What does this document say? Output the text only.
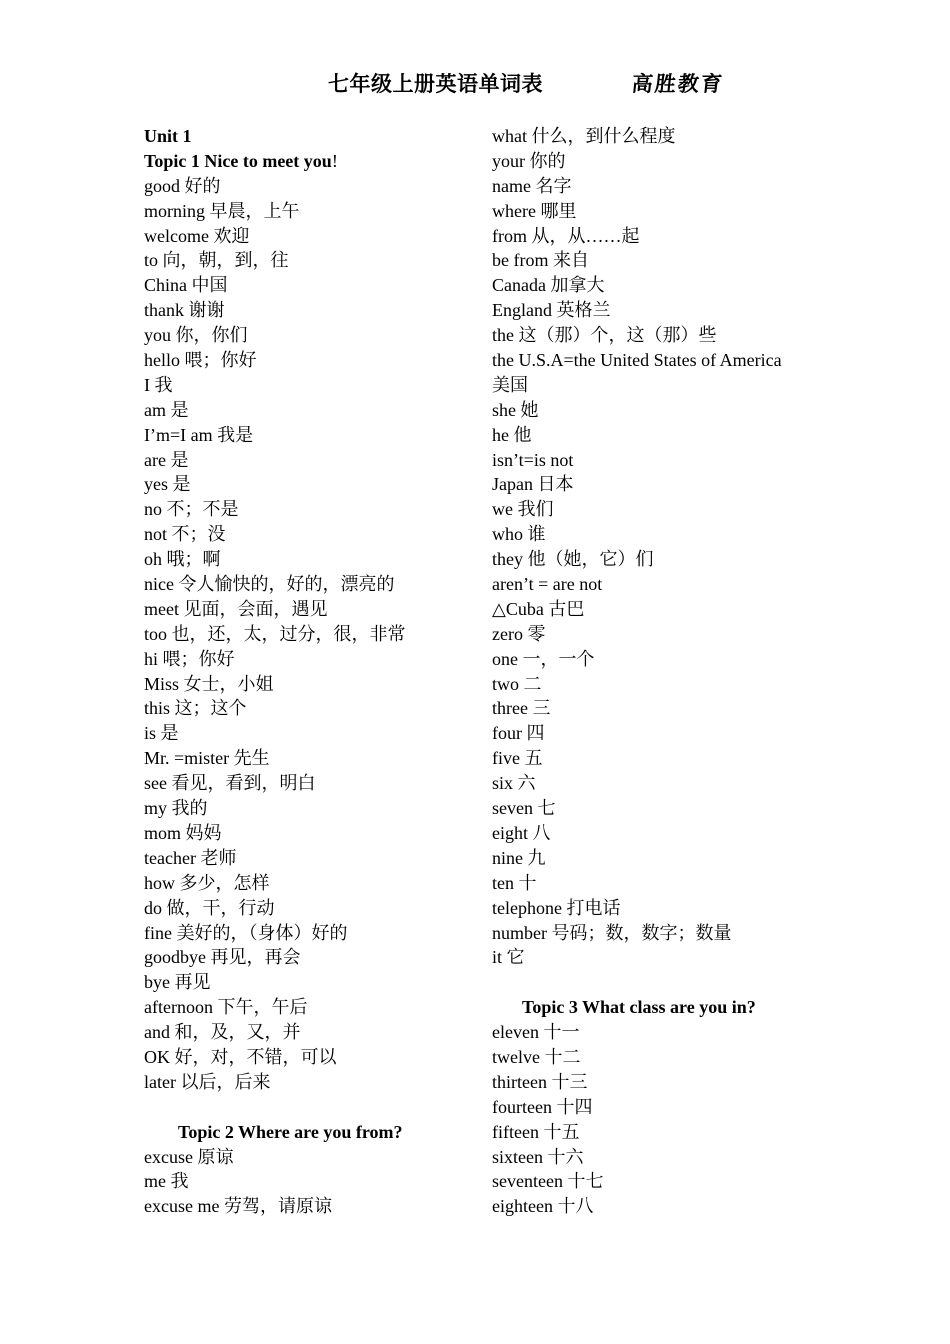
七年级上册英语单词表	高胜教育
Unit 1
Topic 1 Nice to meet you!
good 好的
morning 早晨，上午
welcome 欢迎
to 向，朝，到，往
China 中国
thank 谢谢
you 你，你们
hello 喂；你好
I 我
am 是
I’m=I am 我是
are 是
yes 是
no 不；不是
not 不；没
oh 哦；啊
nice 令人愉快的，好的，漂亮的
meet 见面，会面，遇见
too 也，还，太，过分，很，非常
hi 喂；你好
Miss 女士，小姐
this 这；这个
is 是
Mr. =mister 先生
see 看见，看到，明白
my 我的
mom 妈妈
teacher 老师
how 多少，怎样
do 做，干，行动
fine 美好的，（身体）好的
goodbye 再见，再会
bye 再见
afternoon 下午，午后
and 和，及，又，并
OK 好，对，不错，可以
later 以后，后来
Topic 2 Where are you from?
excuse 原谅
me 我
excuse me 劳驾，请原谅
what 什么，到什么程度
your 你的
name 名字
where 哪里
from 从，从……起
be from 来自
Canada 加拿大
England 英格兰
the 这（那）个，这（那）些
the U.S.A=the United States of America
美国
she 她
he 他
isn’t=is not
Japan 日本
we 我们
who 谁
they 他（她，它）们
aren’t = are not
△Cuba 古巴
zero 零
one 一，一个
two 二
three 三
four 四
five 五
six 六
seven 七
eight 八
nine 九
ten 十
telephone 打电话
number 号码；数，数字；数量
it 它
Topic 3 What class are you in?
eleven 十一
twelve 十二
thirteen 十三
fourteen 十四
fifteen 十五
sixteen 十六
seventeen 十七
eighteen 十八
